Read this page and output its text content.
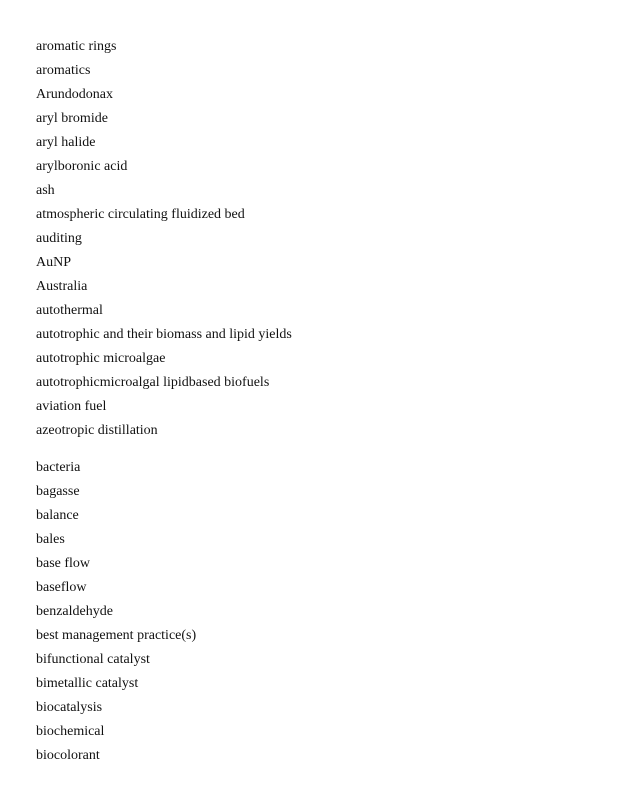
aromatic rings
aromatics
Arundodonax
aryl bromide
aryl halide
arylboronic acid
ash
atmospheric circulating fluidized bed
auditing
AuNP
Australia
autothermal
autotrophic and their biomass and lipid yields
autotrophic microalgae
autotrophicmicroalgal lipidbased biofuels
aviation fuel
azeotropic distillation
bacteria
bagasse
balance
bales
base flow
baseflow
benzaldehyde
best management practice(s)
bifunctional catalyst
bimetallic catalyst
biocatalysis
biochemical
biocolorant
